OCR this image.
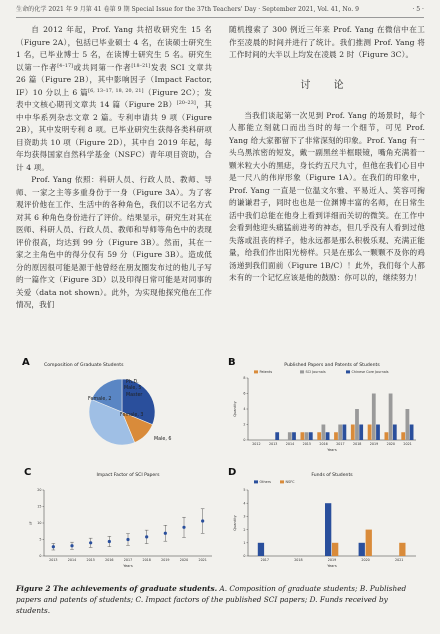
生命的化学 2021 年 9 月第 41 卷第 9 期 Special Issue for the 37th Teachers' Day · September 2021, Vol. 41, No. 9	· 5 ·

自 2012 年起，Prof. Yang 共招收研究生 15 名（Figure 2A），包括已毕业硕士 4 名，在读硕士研究生 1 名，已毕业博士 5 名，在读博士研究生 5 名。研究生以第一作者[4–17]或共同第一作者[18–21]发表 SCI 文章共 26 篇（Figure 2B），其中影响因子（Impact Factor, IF）10 分以上 6 篇[6, 13–17, 18, 20, 21]（Figure 2C）；发表中文核心期刊文章共 14 篇（Figure 2B）[20–23]，其中中华系列杂志文章 2 篇。专利申请共 9 项（Figure 2B），其中发明专利 8 项。已毕业研究生获得各类科研项目资助共 10 项（Figure 2D），其中自 2019 年起，每年均获得国家自然科学基金（NSFC）青年项目资助，合计 4 项。

Prof. Yang 依照：科研人员、行政人员、教师、导师、一家之主等多重身份于一身（Figure 3A）。为了客观评价他在工作、生活中的各种角色，我们以不记名方式对其 6 种角色身份进行了评价。结果显示，研究生对其在医师、科研人员、行政人员、教师和导师等角色中的表现评价很高，均达到 99 分（Figure 3B）。然而，其在一家之主角色中的得分仅有 59 分（Figure 3B）。造成低分的原因很可能是源于他曾经在朋友圈发布过的他儿子写的一篇作文（Figure 3D）以及印得日常可能是对同事的关爱（data not shown）。此外，为实现他探究他在工作情况，我们

随机搜索了 300 例近三年来 Prof. Yang 在微信中在工作至凌晨的时间并进行了统计。我们推测 Prof. Yang 将工作时间的大半以上均发在凌晨 2 时（Figure 3C）。

讨 论

当我们谈起第一次见到 Prof. Yang 的场景时，每个人都能立刻就口而出当时的每一个细节，可见 Prof. Yang 给大家都留下了非常深刻的印象。Prof. Yang 有一头乌黑浓密的短发，戴一副黑丝半框眼镜，嘴角充满着一颗米粒大小的黑痣，身长约五尺九寸，但他在我们心目中是一尺八的伟岸形象（Figure 1A）。在我们的印象中，Prof. Yang 一直是一位温文尔雅、平易近人、笑容可掬的谦谦君子，同时也也是一位渊博丰富的名师，在日常生活中我们总能在他身上看到详细而关切的微笑。在工作中会看到他迎头痛猛前进考的神态，但几乎没有人看到过他失落或沮丧的样子，他永远都是那么积极乐观、充满正能量，给我们作出阳光榜样。只是在那么一颗颗不及你的鸡汤递到我们面前（Figure 1B/C）！此外，我们每个人都未有的一个记忆应该是他的鼓励：你可以的，继续努力！

A	Composition of Graduate Students
Ph.D.
Male, 5
Master
Female, 2
Female, 3
Male, 6
B	Published Papers and Patents of Students
0
2
4
6
8
Quantity
Years
Patents	SCI Journals	Chinese Core Journals
2012	2013	2014	2015	2016	2017	2018	2019	2020	2021
C	Impact Factor of SCI Papers
0
5
10
15
20
IF
Years
2013	2014	2015	2016	2017	2018	2019	2020	2021
D	Funds of Students
0
1
2
3
4
5
Quantity
Years
Others	NSFC
2017	2018	2019	2020	2021

Figure 2 The achievements of graduate students. A. Composition of graduate students; B. Published papers and patents of students; C. Impact factors of the published SCI papers; D. Funds received by students.
